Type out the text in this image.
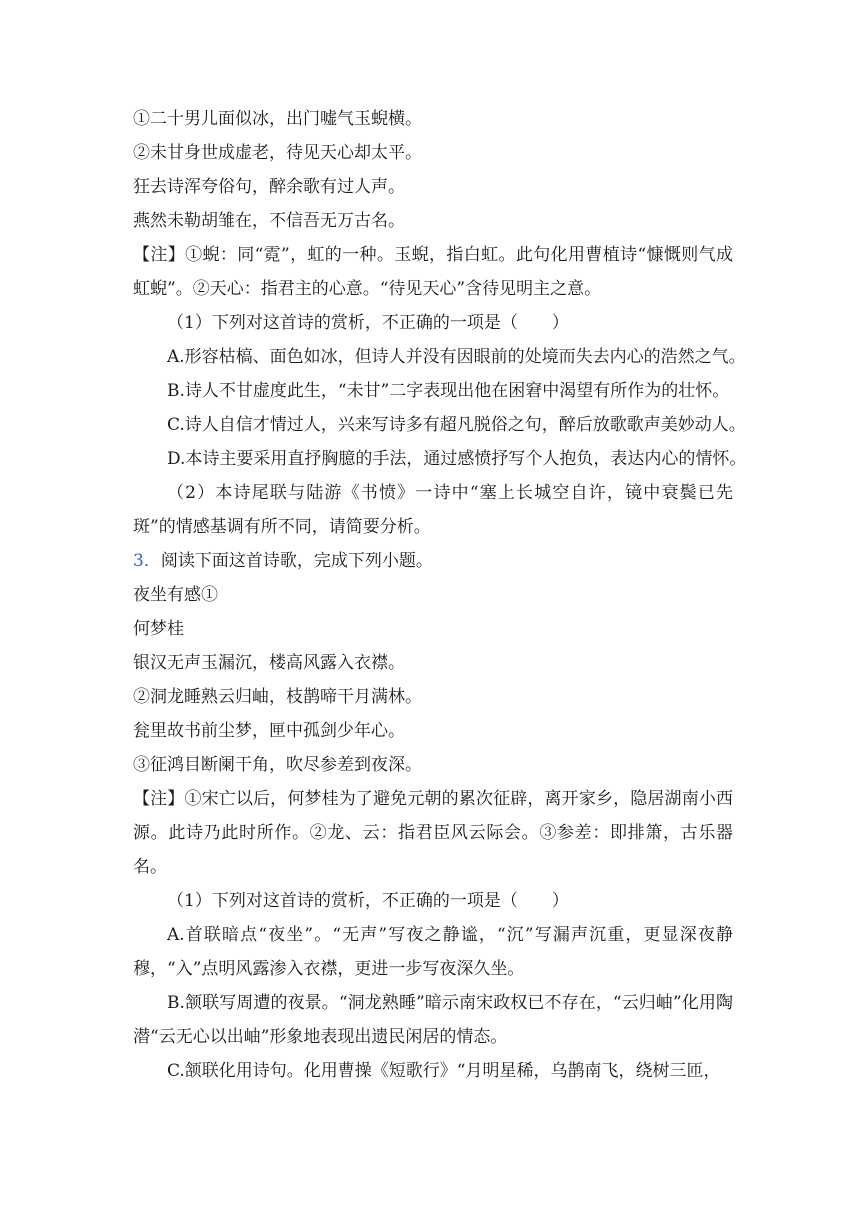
①二十男儿面似冰，出门嘘气玉蜺横。
②未甘身世成虚老，待见天心却太平。
狂去诗浑夸俗句，醉余歌有过人声。
燕然未勒胡雏在，不信吾无万古名。
【注】①蜺：同“霓”，虹的一种。玉蜺，指白虹。此句化用曹植诗“慷慨则气成虹蜺”。②天心：指君主的心意。“待见天心”含待见明主之意。
（1）下列对这首诗的赏析，不正确的一项是（　　）
A.形容枯槁、面色如冰，但诗人并没有因眼前的处境而失去内心的浩然之气。
B.诗人不甘虚度此生，“未甘”二字表现出他在困窘中渴望有所作为的壮怀。
C.诗人自信才情过人，兴来写诗多有超凡脱俗之句，醉后放歌歌声美妙动人。
D.本诗主要采用直抒胸臆的手法，通过感愤抒写个人抱负，表达内心的情怀。
（2）本诗尾联与陆游《书愤》一诗中“塞上长城空自许，镜中衰鬓已先斑”的情感基调有所不同，请简要分析。
3．阅读下面这首诗歌，完成下列小题。
夜坐有感①
何梦桂
银汉无声玉漏沉，楼高风露入衣襟。
②洞龙睡熟云归岫，枝鹊啼干月满林。
瓮里故书前尘梦，匣中孤剑少年心。
③征鸿目断阑干角，吹尽参差到夜深。
【注】①宋亡以后，何梦桂为了避免元朝的累次征辟，离开家乡，隐居湖南小西源。此诗乃此时所作。②龙、云：指君臣风云际会。③参差：即排箫，古乐器名。
（1）下列对这首诗的赏析，不正确的一项是（　　）
A.首联暗点“夜坐”。“无声”写夜之静谧，“沉”写漏声沉重，更显深夜静穆，“入”点明风露渗入衣襟，更进一步写夜深久坐。
B.颔联写周遭的夜景。“洞龙熟睡”暗示南宋政权已不存在，“云归岫”化用陶潜“云无心以出岫”形象地表现出遗民闲居的情态。
C.颔联化用诗句。化用曹操《短歌行》“月明星稀，乌鹊南飞，绕树三匝，
